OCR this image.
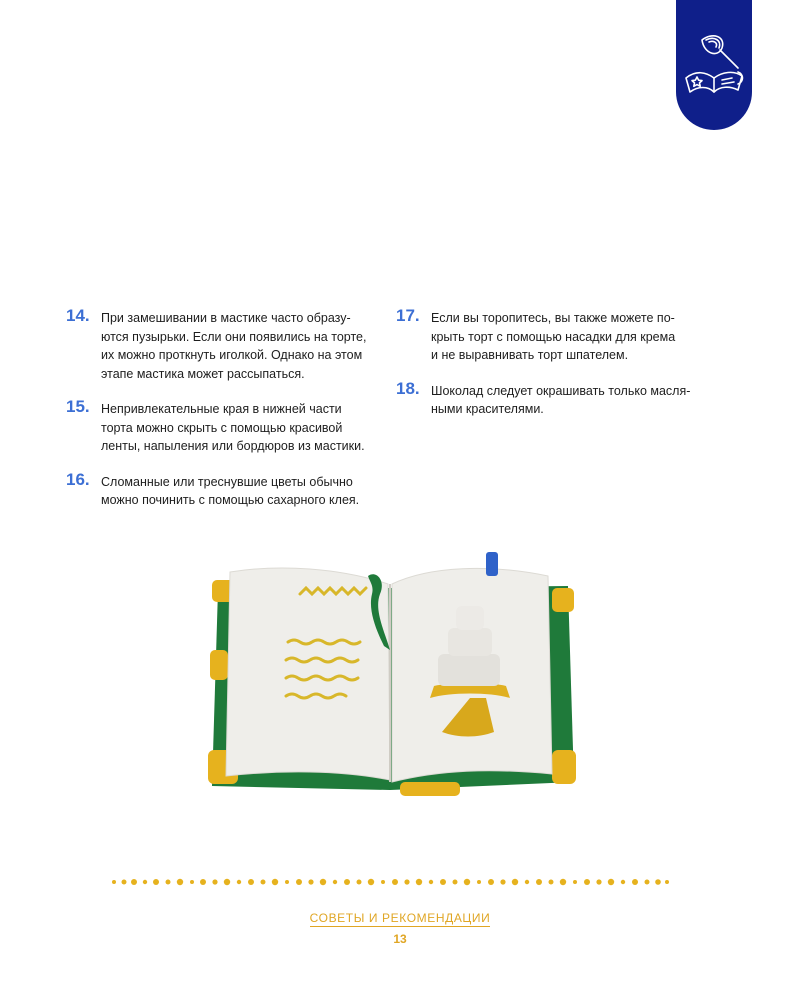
14. При замешивании в мастике часто образу-
ются пузырьки. Если они появились на торте,
их можно проткнуть иголкой. Однако на этом
этапе мастика может рассыпаться.
15. Непривлекательные края в нижней части
торта можно скрыть с помощью красивой
ленты, напыления или бордюров из мастики.
16. Сломанные или треснувшие цветы обычно
можно починить с помощью сахарного клея.
17. Если вы торопитесь, вы также можете по-
крыть торт с помощью насадки для крема
и не выравнивать торт шпателем.
18. Шоколад следует окрашивать только масля-
ными красителями.
СОВЕТЫ И РЕКОМЕНДАЦИИ
13
